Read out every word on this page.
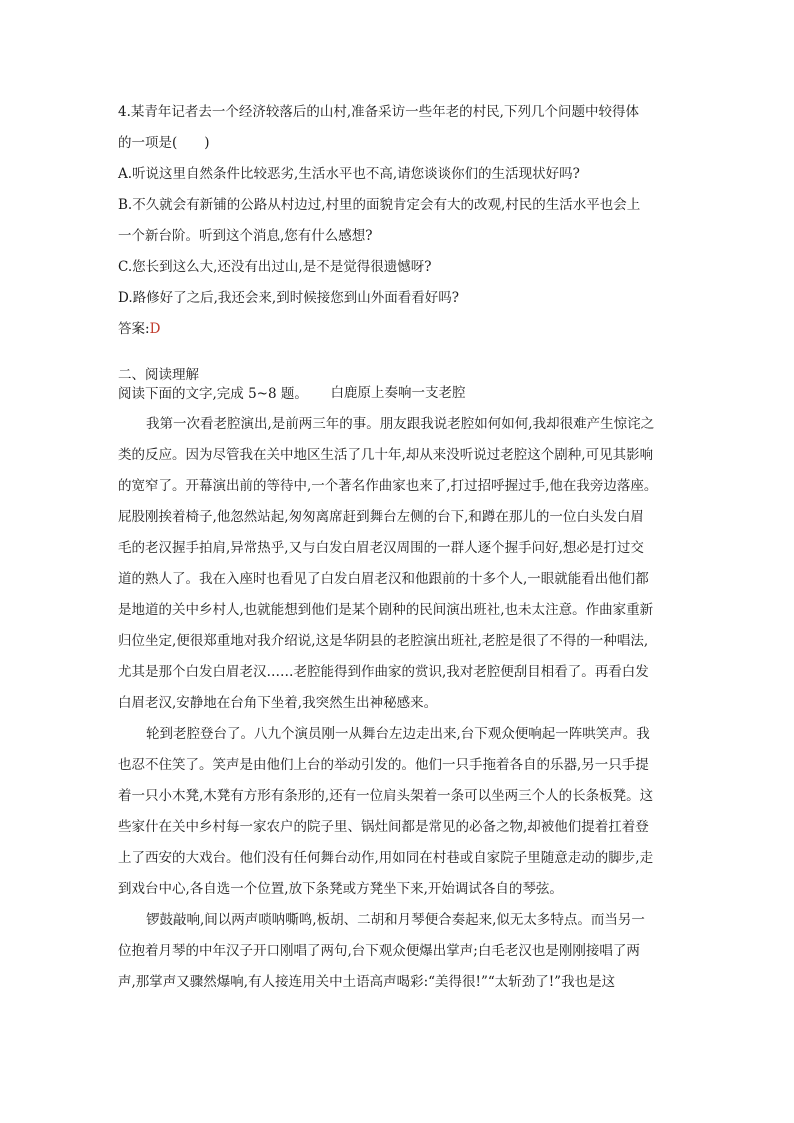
4.某青年记者去一个经济较落后的山村,准备采访一些年老的村民,下列几个问题中较得体

的一项是(　　)

A.听说这里自然条件比较恶劣,生活水平也不高,请您谈谈你们的生活现状好吗?

B.不久就会有新铺的公路从村边过,村里的面貌肯定会有大的改观,村民的生活水平也会上

一个新台阶。听到这个消息,您有什么感想?

C.您长到这么大,还没有出过山,是不是觉得很遗憾呀?

D.路修好了之后,我还会来,到时候接您到山外面看看好吗?

答案:D

二、阅读理解

阅读下面的文字,完成 5~8 题。	白鹿原上奏响一支老腔

我第一次看老腔演出,是前两三年的事。朋友跟我说老腔如何如何,我却很难产生惊诧之

类的反应。因为尽管我在关中地区生活了几十年,却从来没听说过老腔这个剧种,可见其影响

的宽窄了。开幕演出前的等待中,一个著名作曲家也来了,打过招呼握过手,他在我旁边落座。

屁股刚挨着椅子,他忽然站起,匆匆离席赶到舞台左侧的台下,和蹲在那儿的一位白头发白眉

毛的老汉握手拍肩,异常热乎,又与白发白眉老汉周围的一群人逐个握手问好,想必是打过交

道的熟人了。我在入座时也看见了白发白眉老汉和他跟前的十多个人,一眼就能看出他们都

是地道的关中乡村人,也就能想到他们是某个剧种的民间演出班社,也未太注意。作曲家重新

归位坐定,便很郑重地对我介绍说,这是华阴县的老腔演出班社,老腔是很了不得的一种唱法,

尤其是那个白发白眉老汉……老腔能得到作曲家的赏识,我对老腔便刮目相看了。再看白发

白眉老汉,安静地在台角下坐着,我突然生出神秘感来。

轮到老腔登台了。八九个演员刚一从舞台左边走出来,台下观众便响起一阵哄笑声。我

也忍不住笑了。笑声是由他们上台的举动引发的。他们一只手拖着各自的乐器,另一只手提

着一只小木凳,木凳有方形有条形的,还有一位肩头架着一条可以坐两三个人的长条板凳。这

些家什在关中乡村每一家农户的院子里、锅灶间都是常见的必备之物,却被他们提着扛着登

上了西安的大戏台。他们没有任何舞台动作,用如同在村巷或自家院子里随意走动的脚步,走

到戏台中心,各自选一个位置,放下条凳或方凳坐下来,开始调试各自的琴弦。

锣鼓敲响,间以两声唢呐嘶鸣,板胡、二胡和月琴便合奏起来,似无太多特点。而当另一

位抱着月琴的中年汉子开口刚唱了两句,台下观众便爆出掌声;白毛老汉也是刚刚接唱了两

声,那掌声又骤然爆响,有人接连用关中土语高声喝彩:“美得很!”“太斩劲了!”我也是这
